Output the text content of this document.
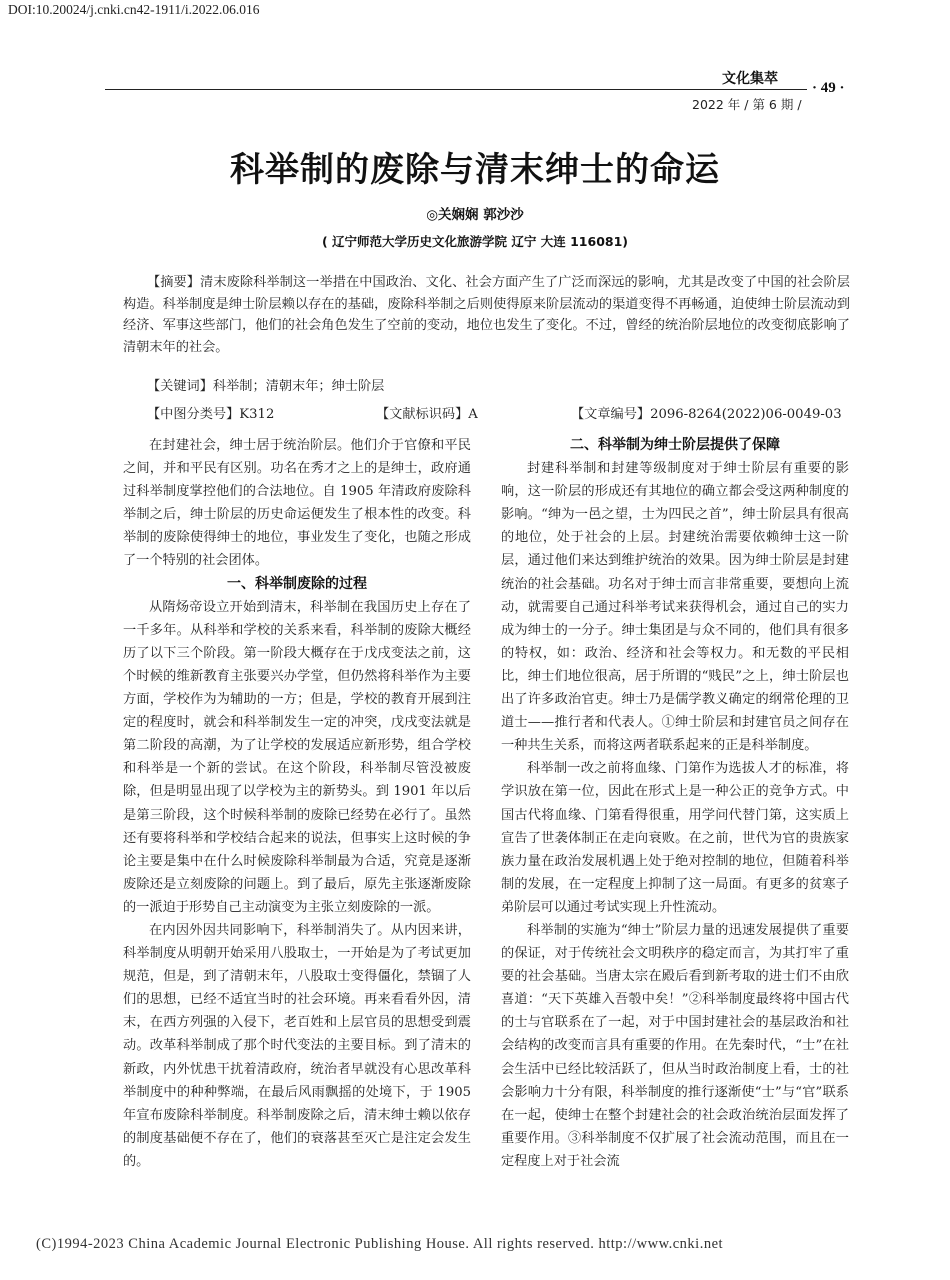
DOI:10.20024/j.cnki.cn42-1911/i.2022.06.016
文化集萃
· 49 ·
2022 年 / 第 6 期 /
科举制的废除与清末绅士的命运
◎关娴娴 郭沙沙
( 辽宁师范大学历史文化旅游学院 辽宁 大连 116081)

【摘要】清末废除科举制这一举措在中国政治、文化、社会方面产生了广泛而深远的影响，尤其是改变了中国的社会阶层构造。科举制度是绅士阶层赖以存在的基础，废除科举制之后则使得原来阶层流动的渠道变得不再畅通，迫使绅士阶层流动到经济、军事这些部门，他们的社会角色发生了空前的变动，地位也发生了变化。不过，曾经的统治阶层地位的改变彻底影响了清朝末年的社会。

【关键词】科举制；清朝末年；绅士阶层
【中图分类号】K312	【文献标识码】A	【文章编号】2096-8264(2022)06-0049-03

在封建社会，绅士居于统治阶层。他们介于官僚和平民之间，并和平民有区别。功名在秀才之上的是绅士，政府通过科举制度掌控他们的合法地位。自 1905 年清政府废除科举制之后，绅士阶层的历史命运便发生了根本性的改变。科举制的废除使得绅士的地位，事业发生了变化，也随之形成了一个特别的社会团体。

一、科举制废除的过程

从隋炀帝设立开始到清末，科举制在我国历史上存在了一千多年。从科举和学校的关系来看，科举制的废除大概经历了以下三个阶段。第一阶段大概存在于戊戌变法之前，这个时候的维新教育主张要兴办学堂，但仍然将科举作为主要方面，学校作为为辅助的一方；但是，学校的教育开展到注定的程度时，就会和科举制发生一定的冲突，戊戌变法就是第二阶段的高潮，为了让学校的发展适应新形势，组合学校和科举是一个新的尝试。在这个阶段，科举制尽管没被废除，但是明显出现了以学校为主的新势头。到 1901 年以后是第三阶段，这个时候科举制的废除已经势在必行了。虽然还有要将科举和学校结合起来的说法，但事实上这时候的争论主要是集中在什么时候废除科举制最为合适，究竟是逐渐废除还是立刻废除的问题上。到了最后，原先主张逐渐废除的一派迫于形势自己主动演变为主张立刻废除的一派。

在内因外因共同影响下，科举制消失了。从内因来讲，科举制度从明朝开始采用八股取士，一开始是为了考试更加规范，但是，到了清朝末年，八股取士变得僵化，禁锢了人们的思想，已经不适宜当时的社会环境。再来看看外因，清末，在西方列强的入侵下，老百姓和上层官员的思想受到震动。改革科举制成了那个时代变法的主要目标。到了清末的新政，内外忧患干扰着清政府，统治者早就没有心思改革科举制度中的种种弊端，在最后风雨飘摇的处境下，于 1905 年宣布废除科举制度。科举制废除之后，清末绅士赖以依存的制度基础便不存在了，他们的衰落甚至灭亡是注定会发生的。

二、科举制为绅士阶层提供了保障

封建科举制和封建等级制度对于绅士阶层有重要的影响，这一阶层的形成还有其地位的确立都会受这两种制度的影响。“绅为一邑之望，士为四民之首”，绅士阶层具有很高的地位，处于社会的上层。封建统治需要依赖绅士这一阶层，通过他们来达到维护统治的效果。因为绅士阶层是封建统治的社会基础。功名对于绅士而言非常重要，要想向上流动，就需要自己通过科举考试来获得机会，通过自己的实力成为绅士的一分子。绅士集团是与众不同的，他们具有很多的特权，如：政治、经济和社会等权力。和无数的平民相比，绅士们地位很高，居于所谓的“贱民”之上，绅士阶层也出了许多政治官吏。绅士乃是儒学教义确定的纲常伦理的卫道士——推行者和代表人。①绅士阶层和封建官员之间存在一种共生关系，而将这两者联系起来的正是科举制度。

科举制一改之前将血缘、门第作为选拔人才的标准，将学识放在第一位，因此在形式上是一种公正的竞争方式。中国古代将血缘、门第看得很重，用学问代替门第，这实质上宣告了世袭体制正在走向衰败。在之前，世代为官的贵族家族力量在政治发展机遇上处于绝对控制的地位，但随着科举制的发展，在一定程度上抑制了这一局面。有更多的贫寒子弟阶层可以通过考试实现上升性流动。

科举制的实施为“绅士”阶层力量的迅速发展提供了重要的保证，对于传统社会文明秩序的稳定而言，为其打牢了重要的社会基础。当唐太宗在殿后看到新考取的进士们不由欣喜道：“天下英雄入吾彀中矣！”②科举制度最终将中国古代的士与官联系在了一起，对于中国封建社会的基层政治和社会结构的改变而言具有重要的作用。在先秦时代，“士”在社会生活中已经比较活跃了，但从当时政治制度上看，士的社会影响力十分有限，科举制度的推行逐渐使“士”与“官”联系在一起，使绅士在整个封建社会的社会政治统治层面发挥了重要作用。③科举制度不仅扩展了社会流动范围，而且在一定程度上对于社会流

(C)1994-2023 China Academic Journal Electronic Publishing House. All rights reserved. http://www.cnki.net
